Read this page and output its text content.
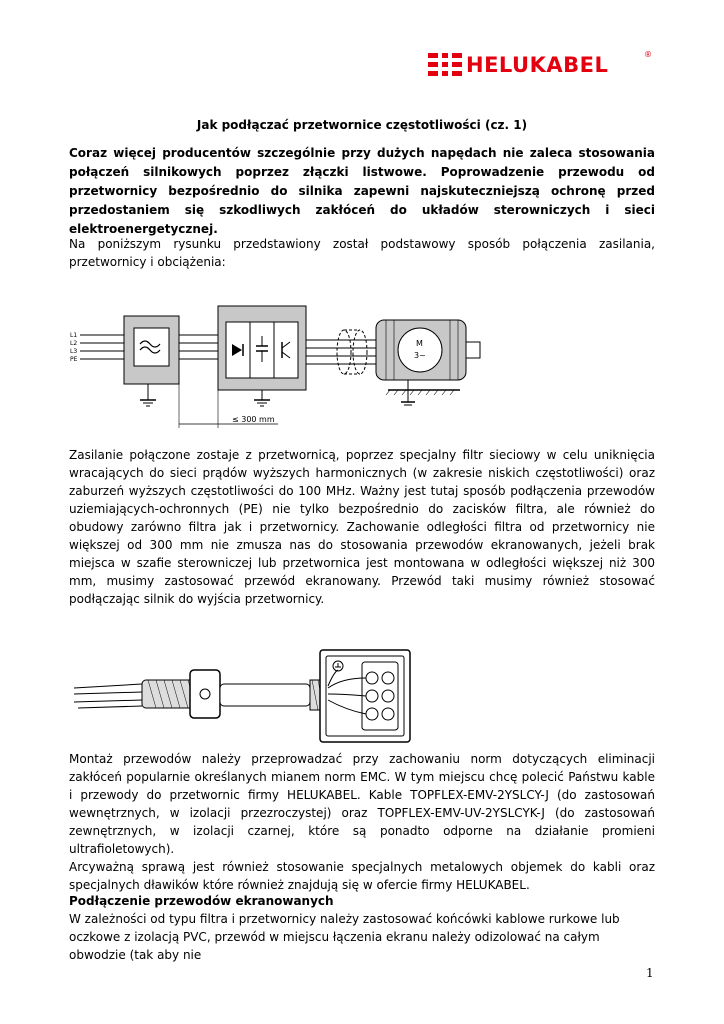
HELUKABEL	®
Jak podłączać przetwornice częstotliwości (cz. 1)

Coraz więcej producentów szczególnie przy dużych napędach nie zaleca stosowania połączeń silnikowych poprzez złączki listwowe. Poprowadzenie przewodu od przetwornicy bezpośrednio do silnika zapewni najskuteczniejszą ochronę przed przedostaniem się szkodliwych zakłóceń do układów sterowniczych i sieci elektroenergetycznej.

Na poniższym rysunku przedstawiony został podstawowy sposób połączenia zasilania, przetwornicy i obciążenia:

L1
L2
L3
PE
M
3~
≤ 300 mm

Zasilanie połączone zostaje z przetwornicą, poprzez specjalny filtr sieciowy w celu uniknięcia wracających do sieci prądów wyższych harmonicznych (w zakresie niskich częstotliwości) oraz zaburzeń wyższych częstotliwości do 100 MHz. Ważny jest tutaj sposób podłączenia przewodów uziemiających-ochronnych (PE) nie tylko bezpośrednio do zacisków filtra, ale również do obudowy zarówno filtra jak i przetwornicy. Zachowanie odległości filtra od przetwornicy nie większej od 300 mm nie zmusza nas do stosowania przewodów ekranowanych, jeżeli brak miejsca w szafie sterowniczej lub przetwornica jest montowana w odległości większej niż 300 mm, musimy zastosować przewód ekranowany. Przewód taki musimy również stosować podłączając silnik do wyjścia przetwornicy.

Montaż przewodów należy przeprowadzać przy zachowaniu norm dotyczących eliminacji zakłóceń popularnie określanych mianem norm EMC. W tym miejscu chcę polecić Państwu kable i przewody do przetwornic firmy HELUKABEL. Kable TOPFLEX-EMV-2YSLCY-J (do zastosowań wewnętrznych, w izolacji przezroczystej) oraz TOPFLEX-EMV-UV-2YSLCYK-J (do zastosowań zewnętrznych, w izolacji czarnej, które są ponadto odporne na działanie promieni ultrafioletowych).
Arcyważną sprawą jest również stosowanie specjalnych metalowych objemek do kabli oraz specjalnych dławików które również znajdują się w ofercie firmy HELUKABEL.

Podłączenie przewodów ekranowanych

W zależności od typu filtra i przetwornicy należy zastosować końcówki kablowe rurkowe lub oczkowe z izolacją PVC, przewód w miejscu łączenia ekranu należy odizolować na całym obwodzie (tak aby nie

1
